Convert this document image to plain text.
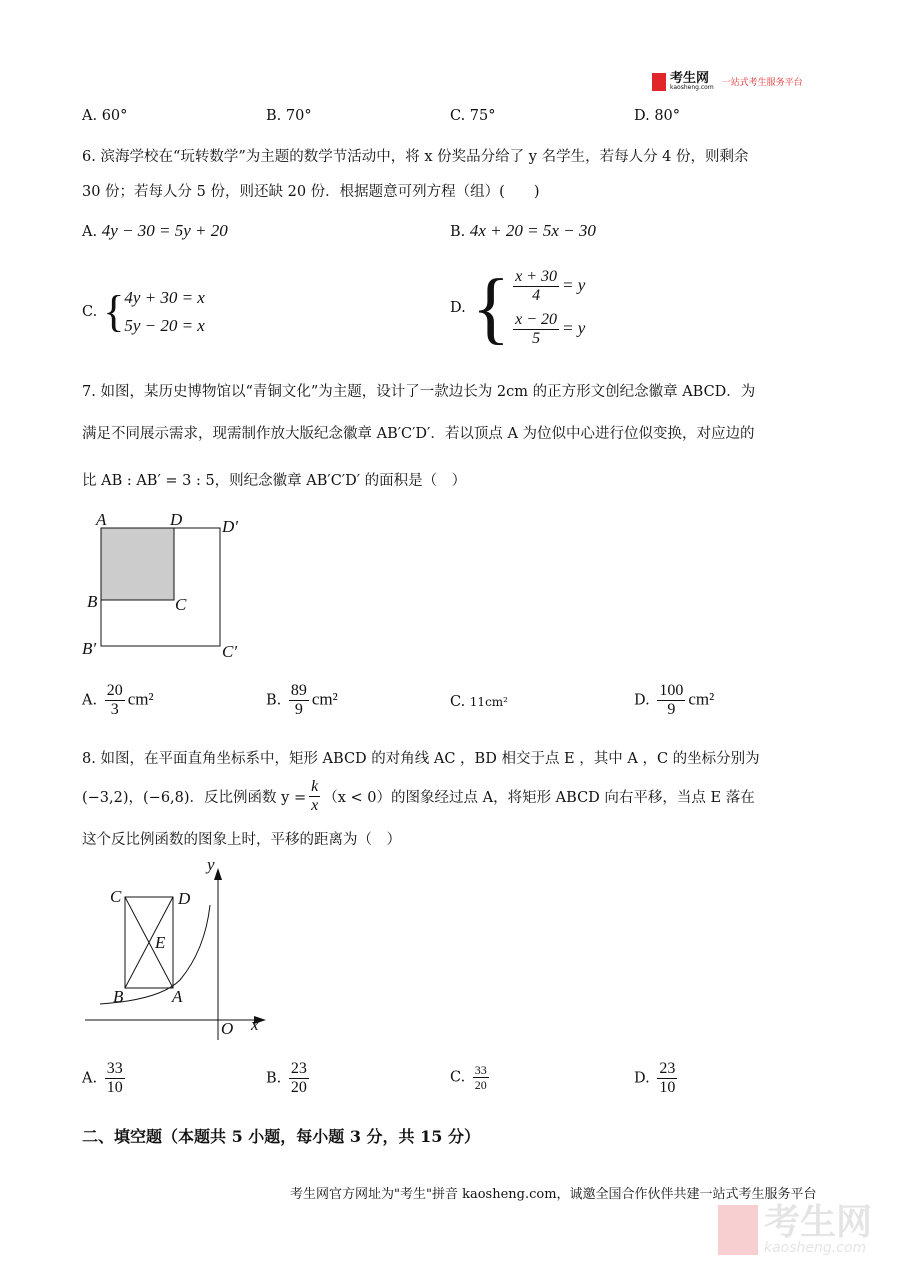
考生网
kaosheng.com 一站式考生服务平台
A. 60°	B. 70°	C. 75°	D. 80°
6. 滨海学校在“玩转数学”为主题的数学节活动中，将 x 份奖品分给了 y 名学生，若每人分 4 份，则剩余
30 份；若每人分 5 份，则还缺 20 份．根据题意可列方程（组）(　　)
A. 4y − 30 = 5y + 20	B. 4x + 20 = 5x − 30
C. { 4y + 30 = x
5y − 20 = x
D. { $\frac{x + 30}{4} = y$
$\frac{x - 20}{5} = y$
7. 如图，某历史博物馆以“青铜文化”为主题，设计了一款边长为 2cm 的正方形文创纪念徽章 ABCD．为
满足不同展示需求，现需制作放大版纪念徽章 AB′C′D′．若以顶点 A 为位似中心进行位似变换，对应边的
比 AB : AB′ = 3 : 5，则纪念徽章 AB′C′D′ 的面积是（　）
A	D D′
B	C
B′	C′
A. $\frac{20}{3} cm^2$	B. $\frac{89}{9} cm^2$	C. 11cm²	D. $\frac{100}{9} cm^2$
8. 如图，在平面直角坐标系中，矩形 ABCD 的对角线 AC ，BD 相交于点 E ，其中 A ，C 的坐标分别为
(−3,2)，(−6,8)．反比例函数 $y = \frac{k}{x} (x < 0)$的图象经过点 A，将矩形 ABCD 向右平移，当点 E 落在
这个反比例函数的图象上时，平移的距离为（　）
C	D
E
B	A
y
O x
A. $\frac{33}{10}$	B. $\frac{23}{20}$	C. $\frac{33}{20}$	D. $\frac{23}{10}$
二、填空题（本题共 5 小题，每小题 3 分，共 15 分）
考生网官方网址为"考生"拼音 kaosheng.com，诚邀全国合作伙伴共建一站式考生服务平台
考生网
kaosheng.com
